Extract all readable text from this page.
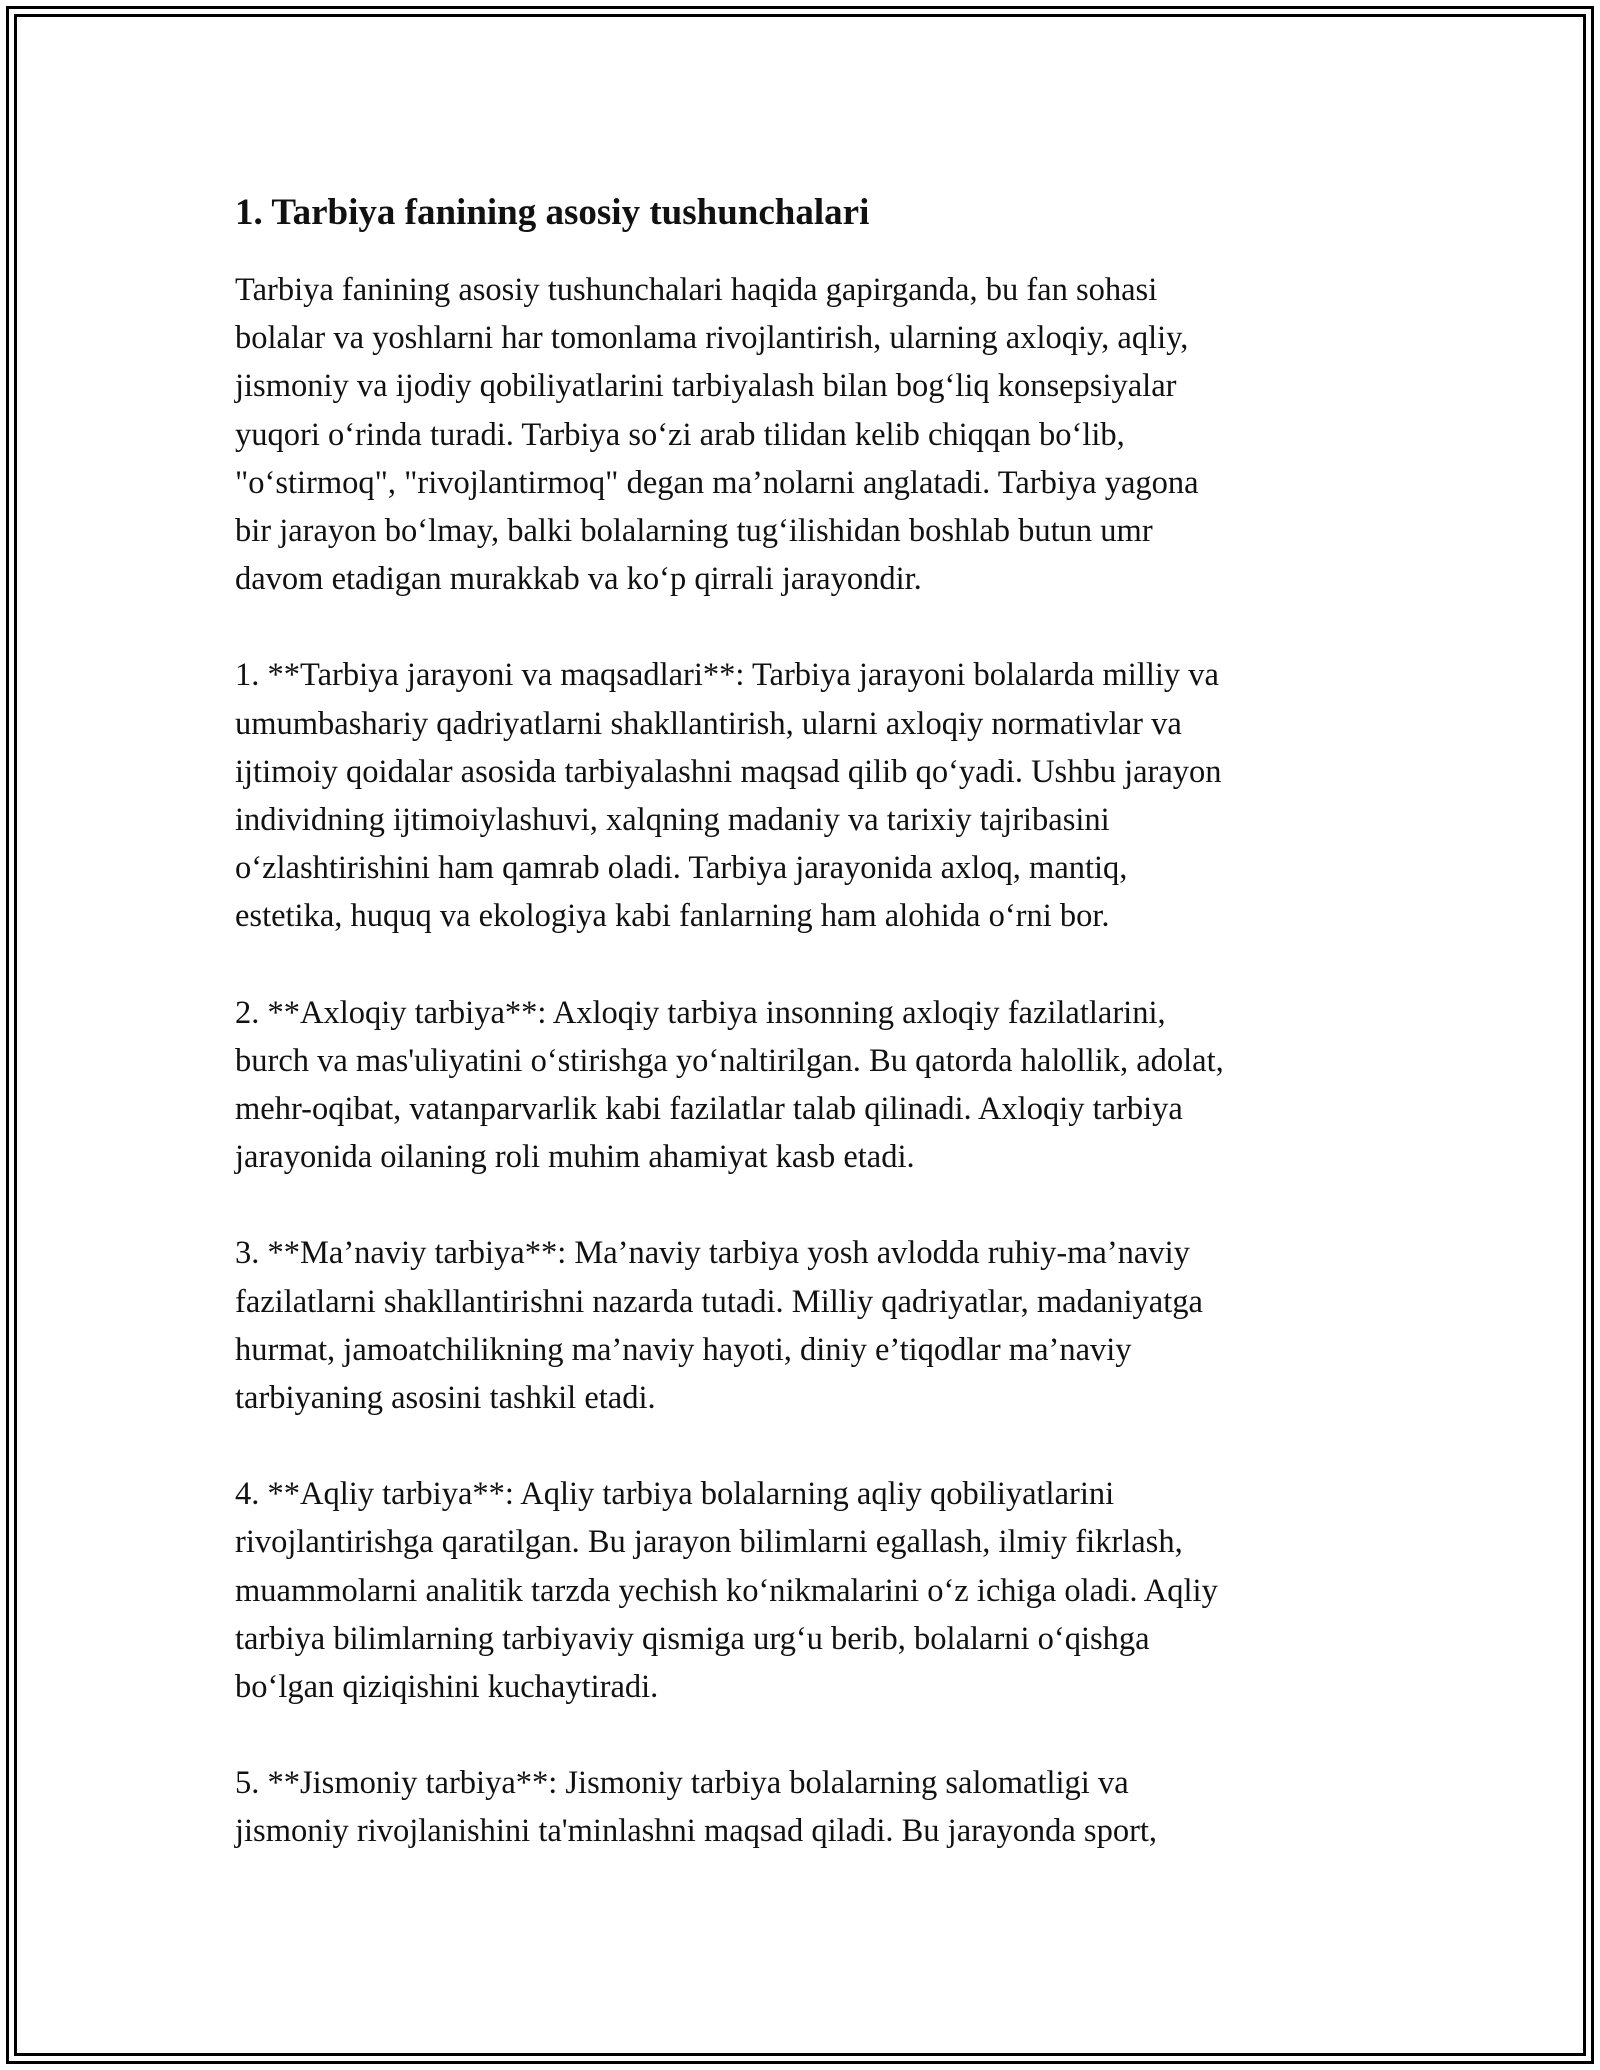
1. Tarbiya fanining asosiy tushunchalari

Tarbiya fanining asosiy tushunchalari haqida gapirganda, bu fan sohasi
bolalar va yoshlarni har tomonlama rivojlantirish, ularning axloqiy, aqliy,
jismoniy va ijodiy qobiliyatlarini tarbiyalash bilan bog‘liq konsepsiyalar
yuqori o‘rinda turadi. Tarbiya so‘zi arab tilidan kelib chiqqan bo‘lib,
"o‘stirmoq", "rivojlantirmoq" degan ma’nolarni anglatadi. Tarbiya yagona
bir jarayon bo‘lmay, balki bolalarning tug‘ilishidan boshlab butun umr
davom etadigan murakkab va ko‘p qirrali jarayondir.

1. **Tarbiya jarayoni va maqsadlari**: Tarbiya jarayoni bolalarda milliy va
umumbashariy qadriyatlarni shakllantirish, ularni axloqiy normativlar va
ijtimoiy qoidalar asosida tarbiyalashni maqsad qilib qo‘yadi. Ushbu jarayon
individning ijtimoiylashuvi, xalqning madaniy va tarixiy tajribasini
o‘zlashtirishini ham qamrab oladi. Tarbiya jarayonida axloq, mantiq,
estetika, huquq va ekologiya kabi fanlarning ham alohida o‘rni bor.

2. **Axloqiy tarbiya**: Axloqiy tarbiya insonning axloqiy fazilatlarini,
burch va mas'uliyatini o‘stirishga yo‘naltirilgan. Bu qatorda halollik, adolat,
mehr-oqibat, vatanparvarlik kabi fazilatlar talab qilinadi. Axloqiy tarbiya
jarayonida oilaning roli muhim ahamiyat kasb etadi.

3. **Ma’naviy tarbiya**: Ma’naviy tarbiya yosh avlodda ruhiy-ma’naviy
fazilatlarni shakllantirishni nazarda tutadi. Milliy qadriyatlar, madaniyatga
hurmat, jamoatchilikning ma’naviy hayoti, diniy e’tiqodlar ma’naviy
tarbiyaning asosini tashkil etadi.

4. **Aqliy tarbiya**: Aqliy tarbiya bolalarning aqliy qobiliyatlarini
rivojlantirishga qaratilgan. Bu jarayon bilimlarni egallash, ilmiy fikrlash,
muammolarni analitik tarzda yechish ko‘nikmalarini o‘z ichiga oladi. Aqliy
tarbiya bilimlarning tarbiyaviy qismiga urg‘u berib, bolalarni o‘qishga
bo‘lgan qiziqishini kuchaytiradi.

5. **Jismoniy tarbiya**: Jismoniy tarbiya bolalarning salomatligi va
jismoniy rivojlanishini ta'minlashni maqsad qiladi. Bu jarayonda sport,
